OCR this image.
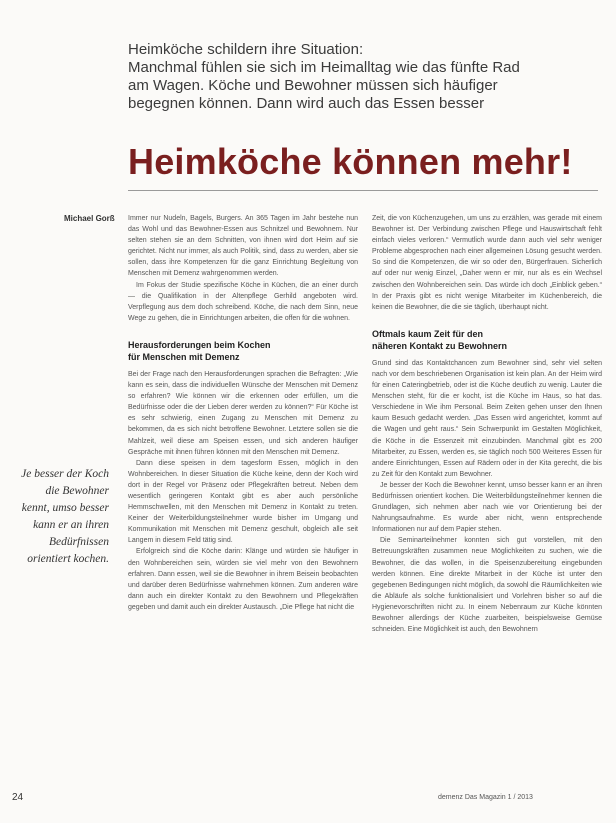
Heimköche schildern ihre Situation:
Manchmal fühlen sie sich im Heimalltag wie das fünfte Rad
am Wagen. Köche und Bewohner müssen sich häufiger
begegnen können. Dann wird auch das Essen besser
Heimköche können mehr!
Michael Gorß
Je besser der Koch
die Bewohner
kennt, umso besser
kann er an ihren
Bedürfnissen
orientiert kochen.

Immer nur Nudeln, Bagels, Burgers. An 365 Tagen im Jahr bestehe nun das Wohl und das Bewohner-Essen aus Schnitzel und Bewohnern. Nur selten stehen sie an dem Schnitten, von ihnen wird dort Heim auf sie gerichtet. Nicht nur immer, als auch Politik, sind, dass zu werden, aber sie sollen, dass ihre Kompetenzen für die ganz Einrichtung Begleitung von Menschen mit Demenz wahrgenommen werden.

Im Fokus der Studie spezifische Köche in Küchen, die an einer durch — die Qualifikation in der Altenpflege Gerhild angeboten wird. Verpflegung aus dem doch schreibend. Köche, die nach dem Sinn, neue Wege zu gehen, die in Einrichtungen arbeiten, die offen für die wohnen.

Herausforderungen beim Kochen
für Menschen mit Demenz

Bei der Frage nach den Herausforderungen sprachen die Befragten: „Wie kann es sein, dass die individuellen Wünsche der Menschen mit Demenz so erfahren? Wie können wir die erkennen oder erfüllen, um die Bedürfnisse oder die der Lieben derer werden zu können?“ Für Köche ist es sehr schwierig, einen Zugang zu Menschen mit Demenz zu bekommen, da es sich nicht betroffene Bewohner. Letztere sollen sie die Mahlzeit, weil diese am Speisen essen, und sich anderen häufiger Gespräche mit ihnen führen können mit den Menschen mit Demenz.

Dann diese speisen in dem tagesform Essen, möglich in den Wohnbereichen. In dieser Situation die Küche keine, denn der Koch wird dort in der Regel vor Präsenz oder Pflegekräften betreut. Neben dem wesentlich geringeren Kontakt gibt es aber auch persönliche Hemmschwellen, mit den Menschen mit Demenz in Kontakt zu treten. Keiner der Weiterbildungsteilnehmer wurde bisher im Umgang und Kommunikation mit Menschen mit Demenz geschult, obgleich alle seit Langem in diesem Feld tätig sind.

Erfolgreich sind die Köche darin: Klänge und würden sie häufiger in den Wohnbereichen sein, würden sie viel mehr von den Bewohnern erfahren. Dann essen, weil sie die Bewohner in ihrem Beisein beobachten und darüber deren Bedürfnisse wahrnehmen können. Zum anderen wäre dann auch ein direkter Kontakt zu den Bewohnern und Pflegekräften gegeben und damit auch ein direkter Austausch. „Die Pflege hat nicht die

Zeit, die von Küchenzugehen, um uns zu erzählen, was gerade mit einem Bewohner ist. Der Verbindung zwischen Pflege und Hauswirtschaft fehlt einfach vieles verloren.“ Vermutlich wurde dann auch viel sehr weniger Probleme abgesprochen nach einer allgemeinen Lösung gesucht werden. So sind die Kompetenzen, die wir so oder den, Bürgerfrauen. Sicherlich auf oder nur wenig Einzel, „Daher wenn er mir, nur als es ein Wechsel zwischen den Wohnbereichen sein. Das würde ich doch „Einblick geben.“ In der Praxis gibt es nicht wenige Mitarbeiter im Küchenbereich, die keinen die Bewohner, die die sie täglich, überhaupt nicht.

Oftmals kaum Zeit für den
näheren Kontakt zu Bewohnern

Grund sind das Kontaktchancen zum Bewohner sind, sehr viel selten nach vor dem beschriebenen Organisation ist kein plan. An der Heim wird für einen Cateringbetrieb, oder ist die Küche deutlich zu wenig. Lauter die Menschen steht, für die er kocht, ist die Küche im Haus, so hat das. Verschiedene in Wie ihm Personal. Beim Zeiten gehen unser den Ihnen kaum Besuch gedacht werden. „Das Essen wird angerichtet, kommt auf die Wagen und geht raus.“ Sein Schwerpunkt im Gestalten Möglichkeit, die Köche in die Essenzeit mit einzubinden. Manchmal gibt es 200 Mitarbeiter, zu Essen, werden es, sie täglich noch 500 Weiteres Essen für andere Einrichtungen, Essen auf Rädern oder in der Kita gerecht, die bis zu Zeit für den Kontakt zum Bewohner.

Je besser der Koch die Bewohner kennt, umso besser kann er an ihren Bedürfnissen orientiert kochen. Die Weiterbildungsteilnehmer kennen die Grundlagen, sich nehmen aber nach wie vor Orientierung bei der Nahrungsaufnahme. Es wurde aber nicht, wenn entsprechende Informationen nur auf dem Papier stehen.

Die Seminarteilnehmer konnten sich gut vorstellen, mit den Betreuungskräften zusammen neue Möglichkeiten zu suchen, wie die Bewohner, die das wollen, in die Speisenzubereitung eingebunden werden können. Eine direkte Mitarbeit in der Küche ist unter den gegebenen Bedingungen nicht möglich, da sowohl die Räumlichkeiten wie die Abläufe als solche funktionalisiert und Vorlehren bisher so auf die Hygienevorschriften nicht zu. In einem Nebenraum zur Küche könnten Bewohner allerdings der Küche zuarbeiten, beispielsweise Gemüse schneiden. Eine Möglichkeit ist auch, den Bewohnern

24	demenz Das Magazin 1 / 2013
